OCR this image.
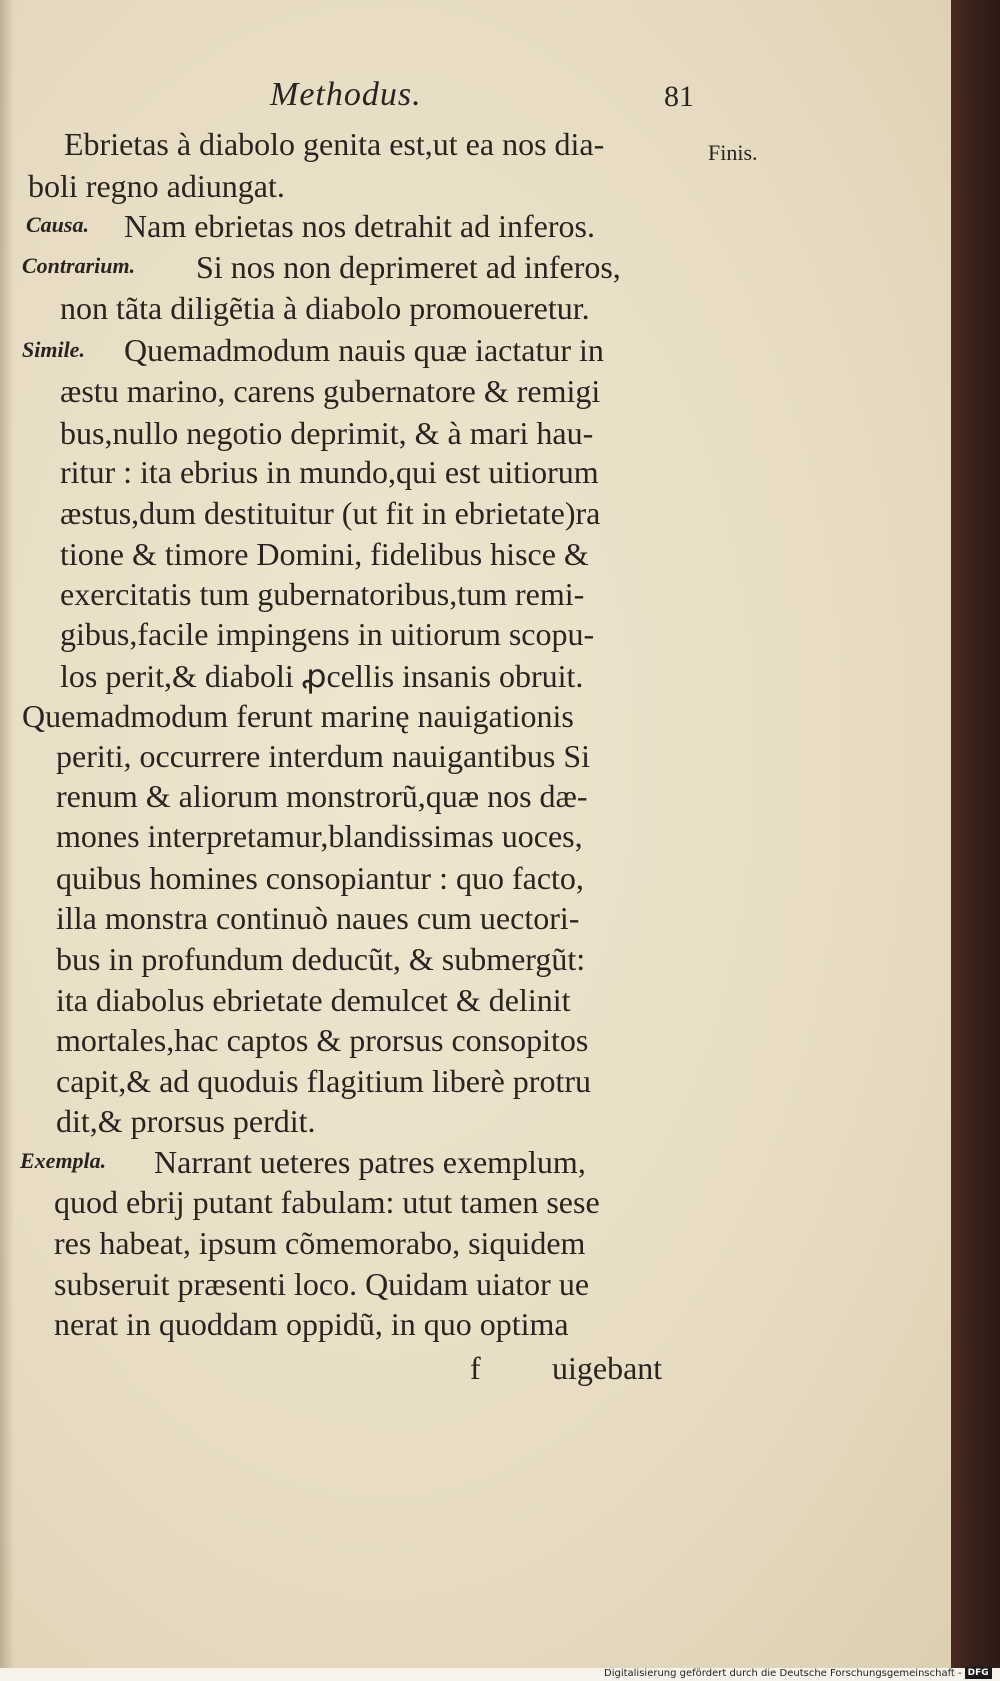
Methodus.	81
Finis.
Causa.
Contrarium.
Simile.
Exempla.
Ebrietas à diabolo genita est,ut ea nos dia-
boli regno adiungat.
Nam ebrietas nos detrahit ad inferos.
Si nos non deprimeret ad inferos,
non tãta diligẽtia à diabolo promoueretur.
Quemadmodum nauis quæ iactatur in
æstu marino, carens gubernatore & remigi
bus,nullo negotio deprimit, & à mari hau-
ritur : ita ebrius in mundo,qui est uitiorum
æstus,dum destituitur (ut fit in ebrietate)ra
tione & timore Domini, fidelibus hisce &
exercitatis tum gubernatoribus,tum remi-
gibus,facile impingens in uitiorum scopu-
los perit,& diaboli ꝓcellis insanis obruit.
Quemadmodum ferunt marinę nauigationis
periti, occurrere interdum nauigantibus Si
renum & aliorum monstrorũ,quæ nos dæ-
mones interpretamur,blandissimas uoces,
quibus homines consopiantur : quo facto,
illa monstra continuò naues cum uectori-
bus in profundum deducũt, & submergũt:
ita diabolus ebrietate demulcet & delinit
mortales,hac captos & prorsus consopitos
capit,& ad quoduis flagitium liberè protru
dit,& prorsus perdit.
Narrant ueteres patres exemplum,
quod ebrij putant fabulam: utut tamen sese
res habeat, ipsum cõmemorabo, siquidem
subseruit præsenti loco. Quidam uiator ue
nerat in quoddam oppidũ, in quo optima
f uigebant
Digitalisierung gefördert durch die Deutsche Forschungsgemeinschaft - DFG
